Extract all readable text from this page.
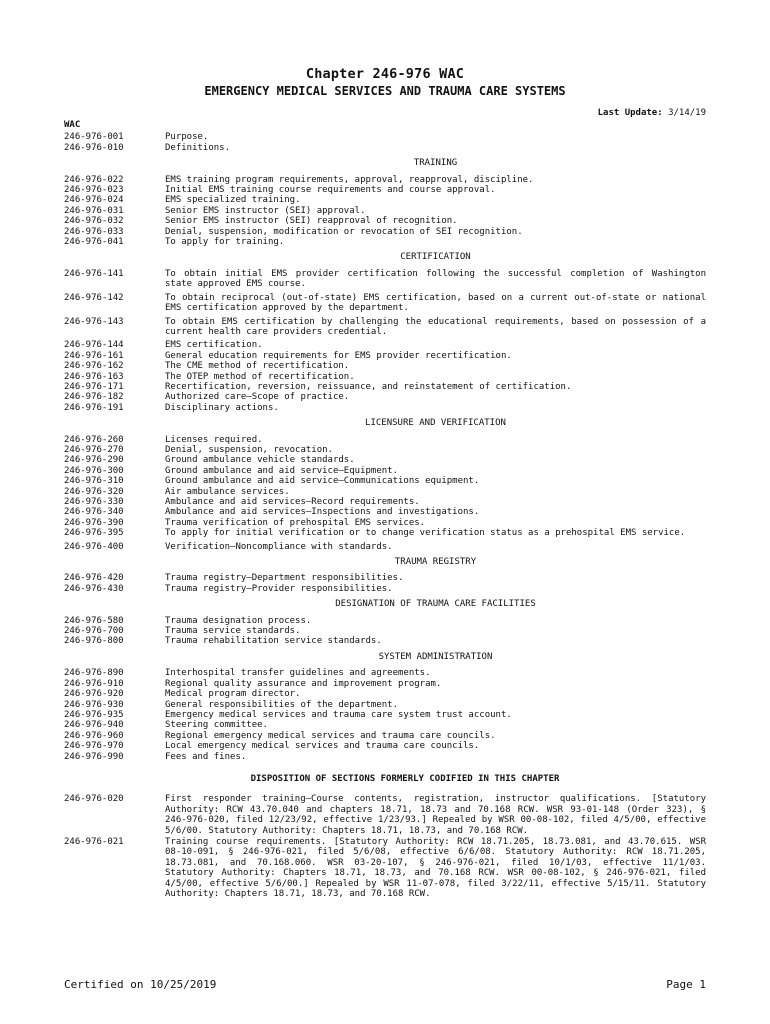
Chapter 246-976 WAC
EMERGENCY MEDICAL SERVICES AND TRAUMA CARE SYSTEMS
Last Update: 3/14/19
WAC
246-976-001	Purpose.
246-976-010	Definitions.
TRAINING
246-976-022	EMS training program requirements, approval, reapproval, discipline.
246-976-023	Initial EMS training course requirements and course approval.
246-976-024	EMS specialized training.
246-976-031	Senior EMS instructor (SEI) approval.
246-976-032	Senior EMS instructor (SEI) reapproval of recognition.
246-976-033	Denial, suspension, modification or revocation of SEI recognition.
246-976-041	To apply for training.
CERTIFICATION
246-976-141	To obtain initial EMS provider certification following the successful completion of Washington state approved EMS course.
246-976-142	To obtain reciprocal (out-of-state) EMS certification, based on a current out-of-state or national EMS certification approved by the department.
246-976-143	To obtain EMS certification by challenging the educational requirements, based on possession of a current health care providers credential.
246-976-144	EMS certification.
246-976-161	General education requirements for EMS provider recertification.
246-976-162	The CME method of recertification.
246-976-163	The OTEP method of recertification.
246-976-171	Recertification, reversion, reissuance, and reinstatement of certification.
246-976-182	Authorized care—Scope of practice.
246-976-191	Disciplinary actions.
LICENSURE AND VERIFICATION
246-976-260	Licenses required.
246-976-270	Denial, suspension, revocation.
246-976-290	Ground ambulance vehicle standards.
246-976-300	Ground ambulance and aid service—Equipment.
246-976-310	Ground ambulance and aid service—Communications equipment.
246-976-320	Air ambulance services.
246-976-330	Ambulance and aid services—Record requirements.
246-976-340	Ambulance and aid services—Inspections and investigations.
246-976-390	Trauma verification of prehospital EMS services.
246-976-395	To apply for initial verification or to change verification status as a prehospital EMS service.
246-976-400	Verification—Noncompliance with standards.
TRAUMA REGISTRY
246-976-420	Trauma registry—Department responsibilities.
246-976-430	Trauma registry—Provider responsibilities.
DESIGNATION OF TRAUMA CARE FACILITIES
246-976-580	Trauma designation process.
246-976-700	Trauma service standards.
246-976-800	Trauma rehabilitation service standards.
SYSTEM ADMINISTRATION
246-976-890	Interhospital transfer guidelines and agreements.
246-976-910	Regional quality assurance and improvement program.
246-976-920	Medical program director.
246-976-930	General responsibilities of the department.
246-976-935	Emergency medical services and trauma care system trust account.
246-976-940	Steering committee.
246-976-960	Regional emergency medical services and trauma care councils.
246-976-970	Local emergency medical services and trauma care councils.
246-976-990	Fees and fines.
DISPOSITION OF SECTIONS FORMERLY CODIFIED IN THIS CHAPTER
246-976-020	First responder training—Course contents, registration, instructor qualifications. [Statutory Authority: RCW 43.70.040 and chapters 18.71, 18.73 and 70.168 RCW. WSR 93-01-148 (Order 323), § 246-976-020, filed 12/23/92, effective 1/23/93.] Repealed by WSR 00-08-102, filed 4/5/00, effective 5/6/00. Statutory Authority: Chapters 18.71, 18.73, and 70.168 RCW.
246-976-021	Training course requirements. [Statutory Authority: RCW 18.71.205, 18.73.081, and 43.70.615. WSR 08-10-091, § 246-976-021, filed 5/6/08, effective 6/6/08. Statutory Authority: RCW 18.71.205, 18.73.081, and 70.168.060. WSR 03-20-107, § 246-976-021, filed 10/1/03, effective 11/1/03. Statutory Authority: Chapters 18.71, 18.73, and 70.168 RCW. WSR 00-08-102, § 246-976-021, filed 4/5/00, effective 5/6/00.] Repealed by WSR 11-07-078, filed 3/22/11, effective 5/15/11. Statutory Authority: Chapters 18.71, 18.73, and 70.168 RCW.
Certified on 10/25/2019	Page 1
